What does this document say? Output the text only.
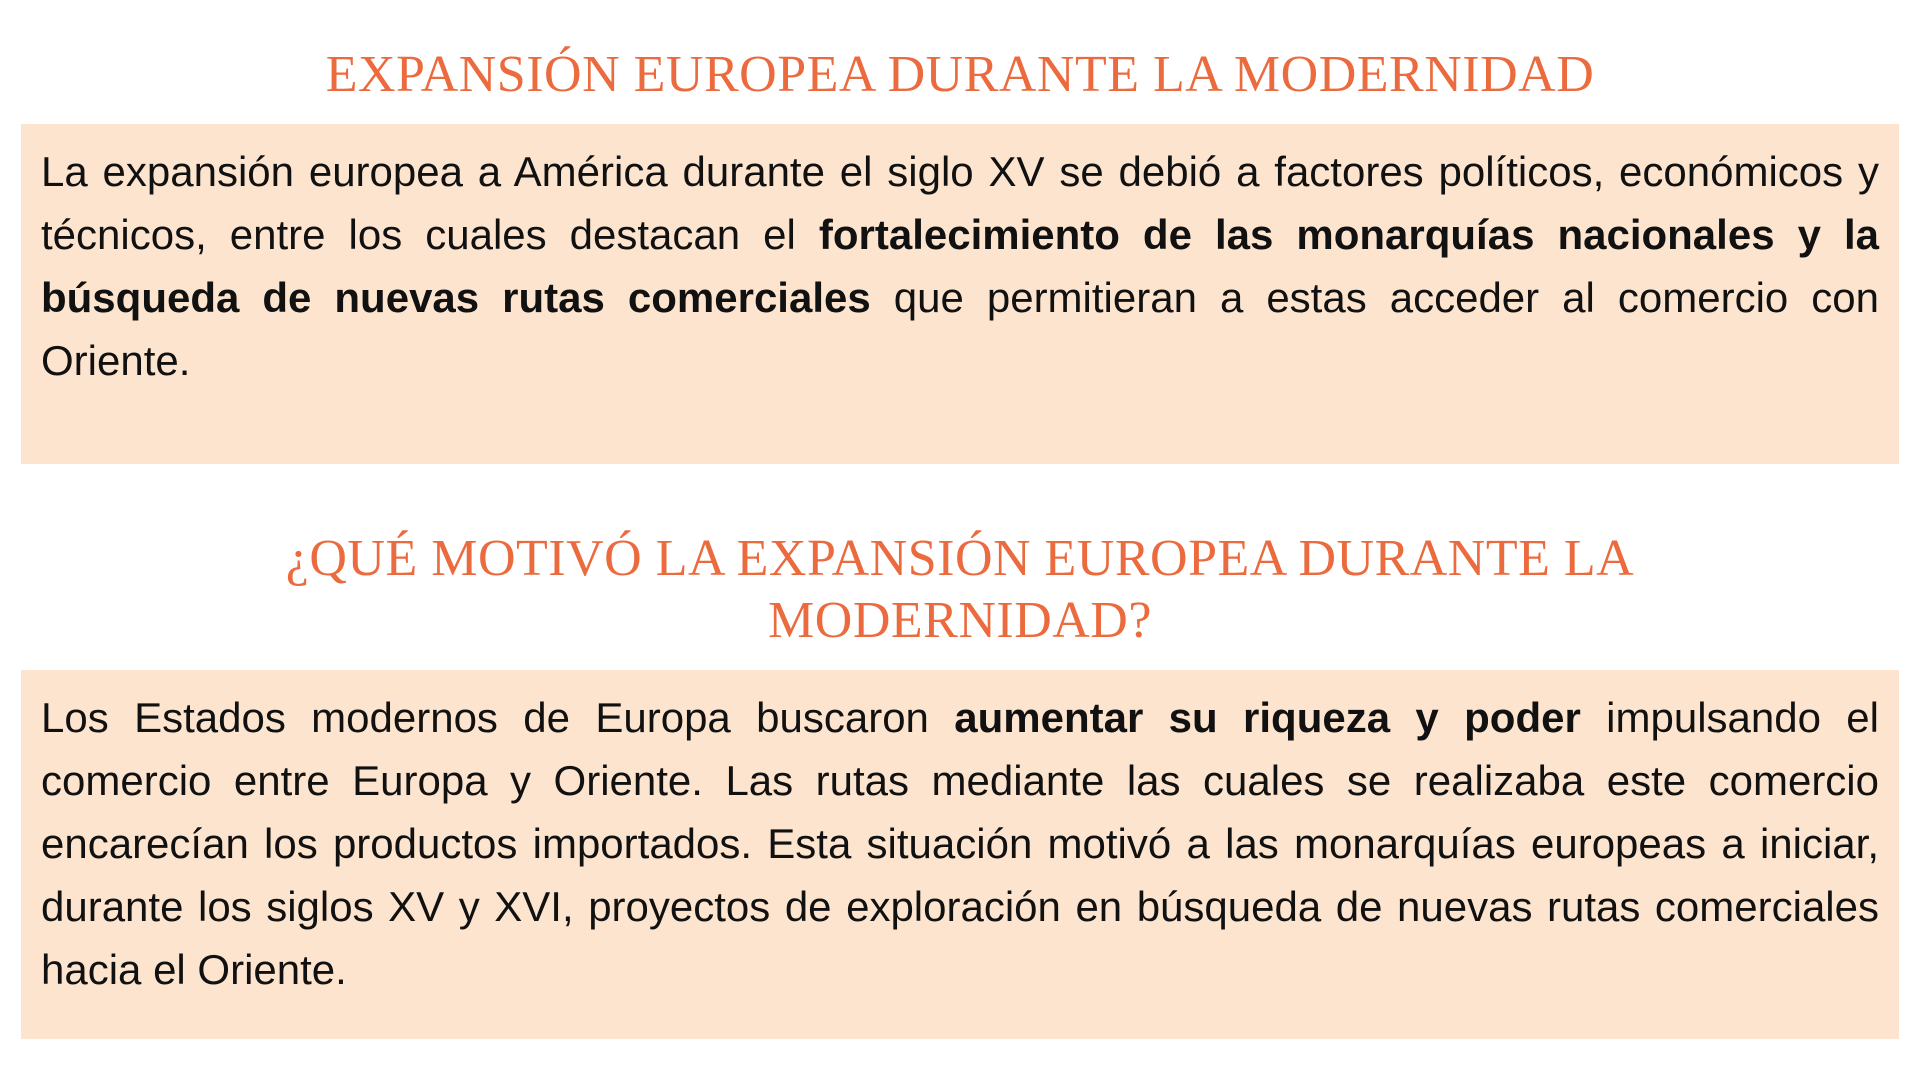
EXPANSIÓN EUROPEA DURANTE LA MODERNIDAD

La expansión europea a América durante el siglo XV se debió a factores políticos, económicos y técnicos, entre los cuales destacan el fortalecimiento de las monarquías nacionales y la búsqueda de nuevas rutas comerciales que permitieran a estas acceder al comercio con Oriente.

¿QUÉ MOTIVÓ LA EXPANSIÓN EUROPEA DURANTE LA
MODERNIDAD?

Los Estados modernos de Europa buscaron aumentar su riqueza y poder impulsando el comercio entre Europa y Oriente. Las rutas mediante las cuales se realizaba este comercio encarecían los productos importados. Esta situación motivó a las monarquías europeas a iniciar, durante los siglos XV y XVI, proyectos de exploración en búsqueda de nuevas rutas comerciales hacia el Oriente.
